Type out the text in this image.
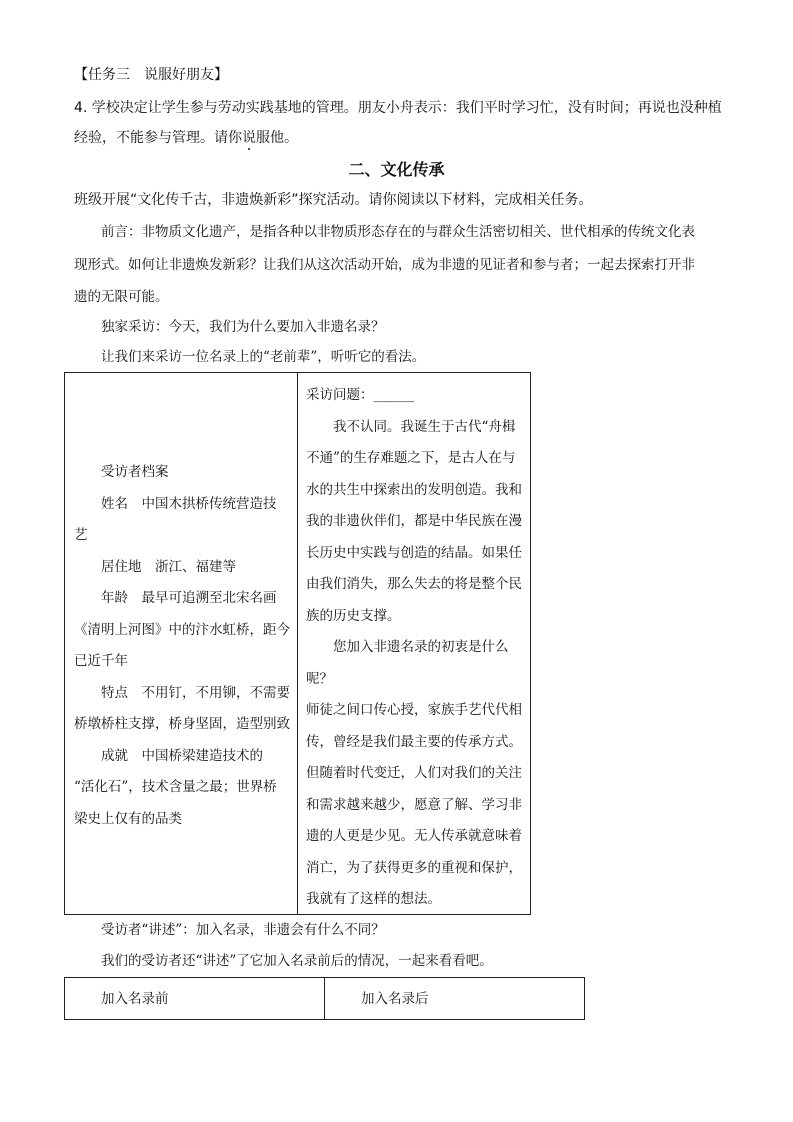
【任务三　说服好朋友】
4. 学校决定让学生参与劳动实践基地的管理。朋友小舟表示：我们平时学习忙，没有时间；再说也没种植
经验，不能参与管理。请你说服他。
二、文化传承
班级开展“文化传千古，非遗焕新彩”探究活动。请你阅读以下材料，完成相关任务。
前言：非物质文化遗产，是指各种以非物质形态存在的与群众生活密切相关、世代相承的传统文化表
现形式。如何让非遗焕发新彩？让我们从这次活动开始，成为非遗的见证者和参与者；一起去探索打开非
遗的无限可能。
独家采访：今天，我们为什么要加入非遗名录？
让我们来采访一位名录上的“老前辈”，听听它的看法。

受访者档案

姓名　中国木拱桥传统营造技

艺

居住地　浙江、福建等

年龄　最早可追溯至北宋名画

《清明上河图》中的汴水虹桥，距今

已近千年

特点　不用钉，不用铆，不需要

桥墩桥柱支撑，桥身坚固，造型别致

成就　中国桥梁建造技术的

“活化石”，技术含量之最；世界桥

梁史上仅有的品类

采访问题：______

我不认同。我诞生于古代“舟楫

不通”的生存难题之下，是古人在与

水的共生中探索出的发明创造。我和

我的非遗伙伴们，都是中华民族在漫

长历史中实践与创造的结晶。如果任

由我们消失，那么失去的将是整个民

族的历史支撑。

您加入非遗名录的初衷是什么

呢？

师徒之间口传心授，家族手艺代代相

传，曾经是我们最主要的传承方式。

但随着时代变迁，人们对我们的关注

和需求越来越少，愿意了解、学习非

遗的人更是少见。无人传承就意味着

消亡，为了获得更多的重视和保护，

我就有了这样的想法。

受访者“讲述”：加入名录，非遗会有什么不同？
我们的受访者还“讲述”了它加入名录前后的情况，一起来看看吧。
加入名录前	加入名录后
